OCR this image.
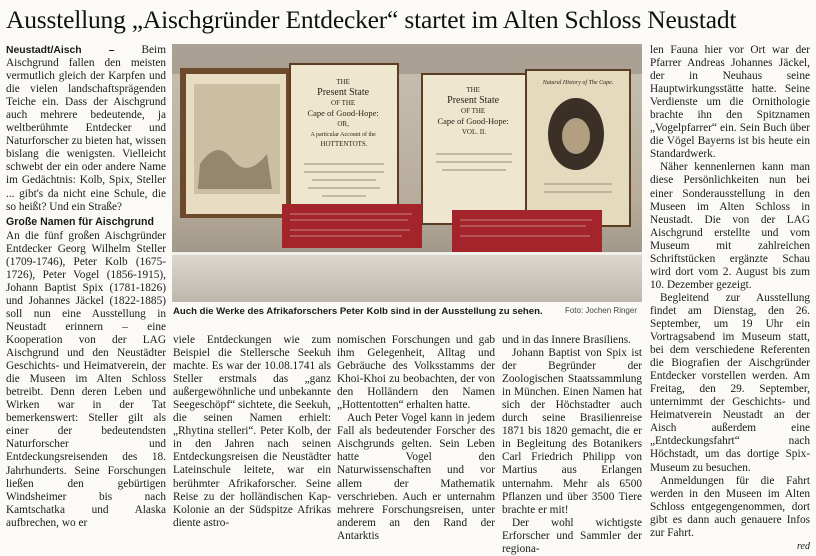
Ausstellung „Aischgründer Entdecker“ startet im Alten Schloss Neustadt

Neustadt/Aisch – Beim Aischgrund fallen den meisten vermutlich gleich der Karpfen und die vielen landschaftsprägenden Teiche ein. Dass der Aischgrund auch mehrere bedeutende, ja weltberühmte Entdecker und Naturforscher zu bieten hat, wissen bislang die wenigsten. Vielleicht schwebt der ein oder andere Name im Gedächtnis: Kolb, Spix, Steller ... gibt's da nicht eine Schule, die so heißt? Und ein Straße?

Große Namen für Aischgrund

An die fünf großen Aischgründer Entdecker Georg Wilhelm Steller (1709-1746), Peter Kolb (1675-1726), Peter Vogel (1856-1915), Johann Baptist Spix (1781-1826) und Johannes Jäckel (1822-1885) soll nun eine Ausstellung in Neustadt erinnern – eine Kooperation von der LAG Aischgrund und den Neustädter Geschichts- und Heimatverein, der die Museen im Alten Schloss betreibt. Denn deren Leben und Wirken war in der Tat bemerkenswert: Steller gilt als einer der bedeutendsten Naturforscher und Entdeckungsreisenden des 18. Jahrhunderts. Seine Forschungen ließen den gebürtigen Windsheimer bis nach Kamtschatka und Alaska aufbrechen, wo er

THE Present State OF THE Cape of Good-Hope: OR, A particular Account of the HOTTENTOTS.
THE Present State OF THE Cape of Good-Hope: VOL. II.
Natural History of The Cape.
Auch die Werke des Afrikaforschers Peter Kolb sind in der Ausstellung zu sehen.	Foto: Jochen Ringer

viele Entdeckungen wie zum Beispiel die Stellersche Seekuh machte. Es war der 10.08.1741 als Steller erstmals das „ganz außergewöhnliche und unbekannte Seegeschöpf“ sichtete, die Seekuh, die seinen Namen erhielt: „Rhytina stelleri“. Peter Kolb, der in den Jahren nach seinen Entdeckungsreisen die Neustädter Lateinschule leitete, war ein berühmter Afrikaforscher. Seine Reise zu der holländischen Kap-Kolonie an der Südspitze Afrikas diente astro-

nomischen Forschungen und gab ihm Gelegenheit, Alltag und Gebräuche des Volksstamms der Khoi-Khoi zu beobachten, der von den Holländern den Namen „Hottentotten“ erhalten hatte.

Auch Peter Vogel kann in jedem Fall als bedeutender Forscher des Aischgrunds gelten. Sein Leben hatte Vogel den Naturwissenschaften und vor allem der Mathematik verschrieben. Auch er unternahm mehrere Forschungsreisen, unter anderem an den Rand der Antarktis

und in das Innere Brasiliens.

Johann Baptist von Spix ist der Begründer der Zoologischen Staatssammlung in München. Einen Namen hat sich der Höchstadter auch durch seine Brasilienreise 1871 bis 1820 gemacht, die er in Begleitung des Botanikers Carl Friedrich Philipp von Martius aus Erlangen unternahm. Mehr als 6500 Pflanzen und über 3500 Tiere brachte er mit!

Der wohl wichtigste Erforscher und Sammler der regiona-

len Fauna hier vor Ort war der Pfarrer Andreas Johannes Jäckel, der in Neuhaus seine Hauptwirkungsstätte hatte. Seine Verdienste um die Ornithologie brachte ihn den Spitznamen „Vogelpfarrer“ ein. Sein Buch über die Vögel Bayerns ist bis heute ein Standardwerk.

Näher kennenlernen kann man diese Persönlichkeiten nun bei einer Sonderausstellung in den Museen im Alten Schloss in Neustadt. Die von der LAG Aischgrund erstellte und vom Museum mit zahlreichen Schriftstücken ergänzte Schau wird dort vom 2. August bis zum 10. Dezember gezeigt.

Begleitend zur Ausstellung findet am Dienstag, den 26. September, um 19 Uhr ein Vortragsabend im Museum statt, bei dem verschiedene Referenten die Biografien der Aischgründer Entdecker vorstellen werden. Am Freitag, den 29. September, unternimmt der Geschichts- und Heimatverein Neustadt an der Aisch außerdem eine „Entdeckungsfahrt“ nach Höchstadt, um das dortige Spix-Museum zu besuchen.

Anmeldungen für die Fahrt werden in den Museen im Alten Schloss entgegengenommen, dort gibt es dann auch genauere Infos zur Fahrt.

red
